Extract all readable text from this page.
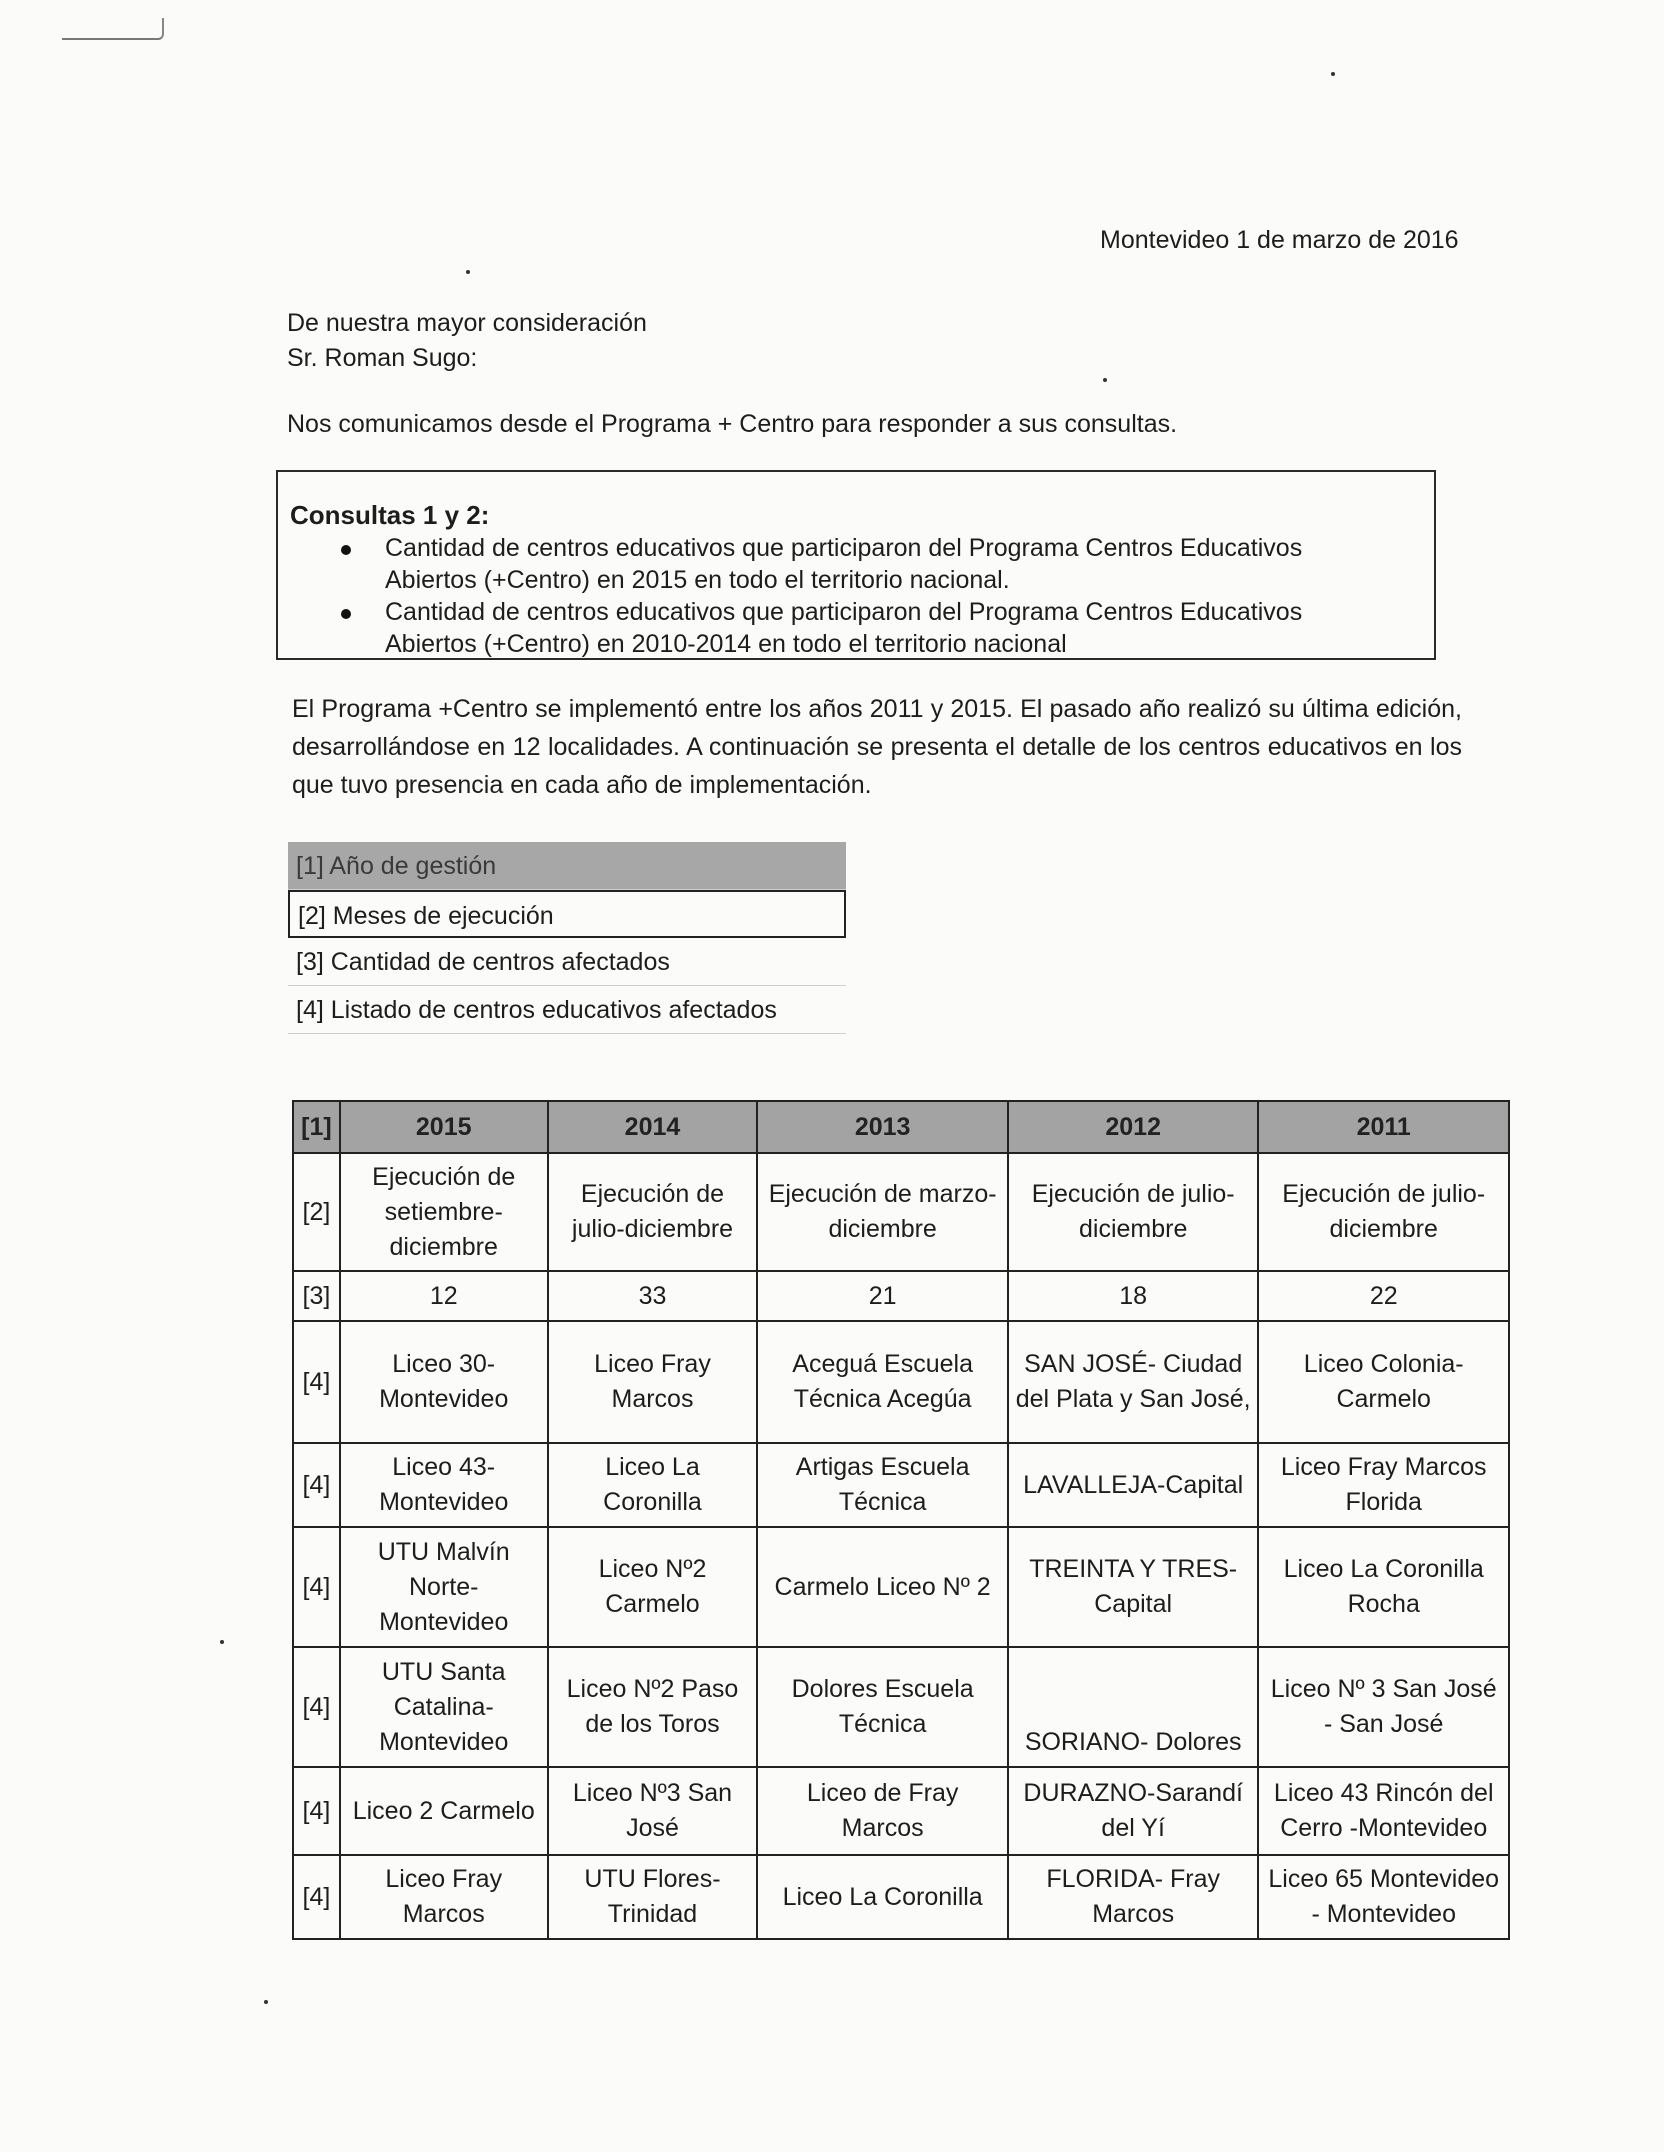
Montevideo 1 de marzo de 2016
De nuestra mayor consideración
Sr. Roman Sugo:
Nos comunicamos desde el Programa + Centro para responder a sus consultas.
Consultas 1 y 2:
Cantidad de centros educativos que participaron del Programa Centros Educativos Abiertos (+Centro) en 2015 en todo el territorio nacional.
Cantidad de centros educativos que participaron del Programa Centros Educativos Abiertos (+Centro) en 2010-2014 en todo el territorio nacional
El Programa +Centro se implementó entre los años 2011 y 2015. El pasado año realizó su última edición, desarrollándose en 12 localidades. A continuación se presenta el detalle de los centros educativos en los que tuvo presencia en cada año de implementación.
[1] Año de gestión
[2] Meses de ejecución
[3] Cantidad de centros afectados
[4] Listado de centros educativos afectados
[1]	2015	2014	2013	2012	2011
[2]	Ejecución de setiembre-diciembre	Ejecución de julio-diciembre	Ejecución de marzo-diciembre	Ejecución de julio-diciembre	Ejecución de julio-diciembre
[3]	12	33	21	18	22
[4]	Liceo 30-Montevideo	Liceo Fray Marcos	Aceguá Escuela Técnica Acegúa	SAN JOSÉ- Ciudad del Plata y San José,	Liceo Colonia-Carmelo
[4]	Liceo 43-Montevideo	Liceo La Coronilla	Artigas Escuela Técnica	LAVALLEJA-Capital	Liceo Fray Marcos Florida
[4]	UTU Malvín Norte-Montevideo	Liceo Nº2 Carmelo	Carmelo Liceo Nº 2	TREINTA Y TRES-Capital	Liceo La Coronilla Rocha
[4]	UTU Santa Catalina-Montevideo	Liceo Nº2 Paso de los Toros	Dolores Escuela Técnica	SORIANO- Dolores	Liceo Nº 3 San José - San José
[4]	Liceo 2 Carmelo	Liceo Nº3 San José	Liceo de Fray Marcos	DURAZNO-Sarandí del Yí	Liceo 43 Rincón del Cerro -Montevideo
[4]	Liceo Fray Marcos	UTU Flores-Trinidad	Liceo La Coronilla	FLORIDA- Fray Marcos	Liceo 65 Montevideo - Montevideo
